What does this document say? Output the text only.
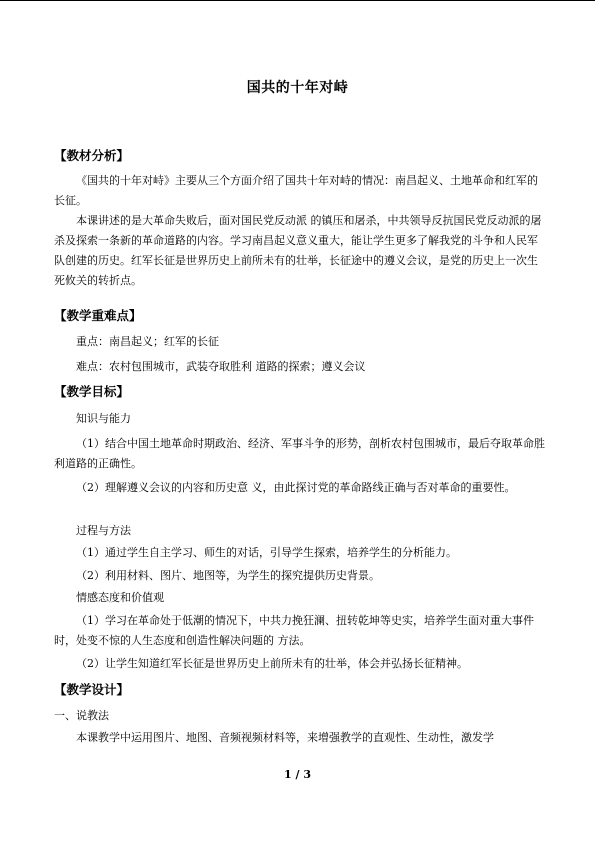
国共的十年对峙
【教材分析】
《国共的十年对峙》主要从三个方面介绍了国共十年对峙的情况：南昌起义、土地革命和红军的长征。
本课讲述的是大革命失败后，面对国民党反动派 的镇压和屠杀，中共领导反抗国民党反动派的屠杀及探索一条新的革命道路的内容。学习南昌起义意义重大，能让学生更多了解我党的斗争和人民军队创建的历史。红军长征是世界历史上前所未有的壮举，长征途中的遵义会议，是党的历史上一次生死攸关的转折点。
【教学重难点】
重点：南昌起义；红军的长征
难点：农村包围城市，武装夺取胜利 道路的探索；遵义会议
【教学目标】
知识与能力
（1）结合中国土地革命时期政治、经济、军事斗争的形势，剖析农村包围城市，最后夺取革命胜利道路的正确性。
（2）理解遵义会议的内容和历史意 义，由此探讨党的革命路线正确与否对革命的重要性。
过程与方法
（1）通过学生自主学习、师生的对话，引导学生探索，培养学生的分析能力。
（2）利用材料、图片、地图等，为学生的探究提供历史背景。
情感态度和价值观
（1）学习在革命处于低潮的情况下，中共力挽狂澜、扭转乾坤等史实，培养学生面对重大事件时，处变不惊的人生态度和创造性解决问题的 方法。
（2）让学生知道红军长征是世界历史上前所未有的壮举，体会并弘扬长征精神。
【教学设计】
一、说教法
本课教学中运用图片、地图、音频视频材料等，来增强教学的直观性、生动性，激发学
1 / 3
